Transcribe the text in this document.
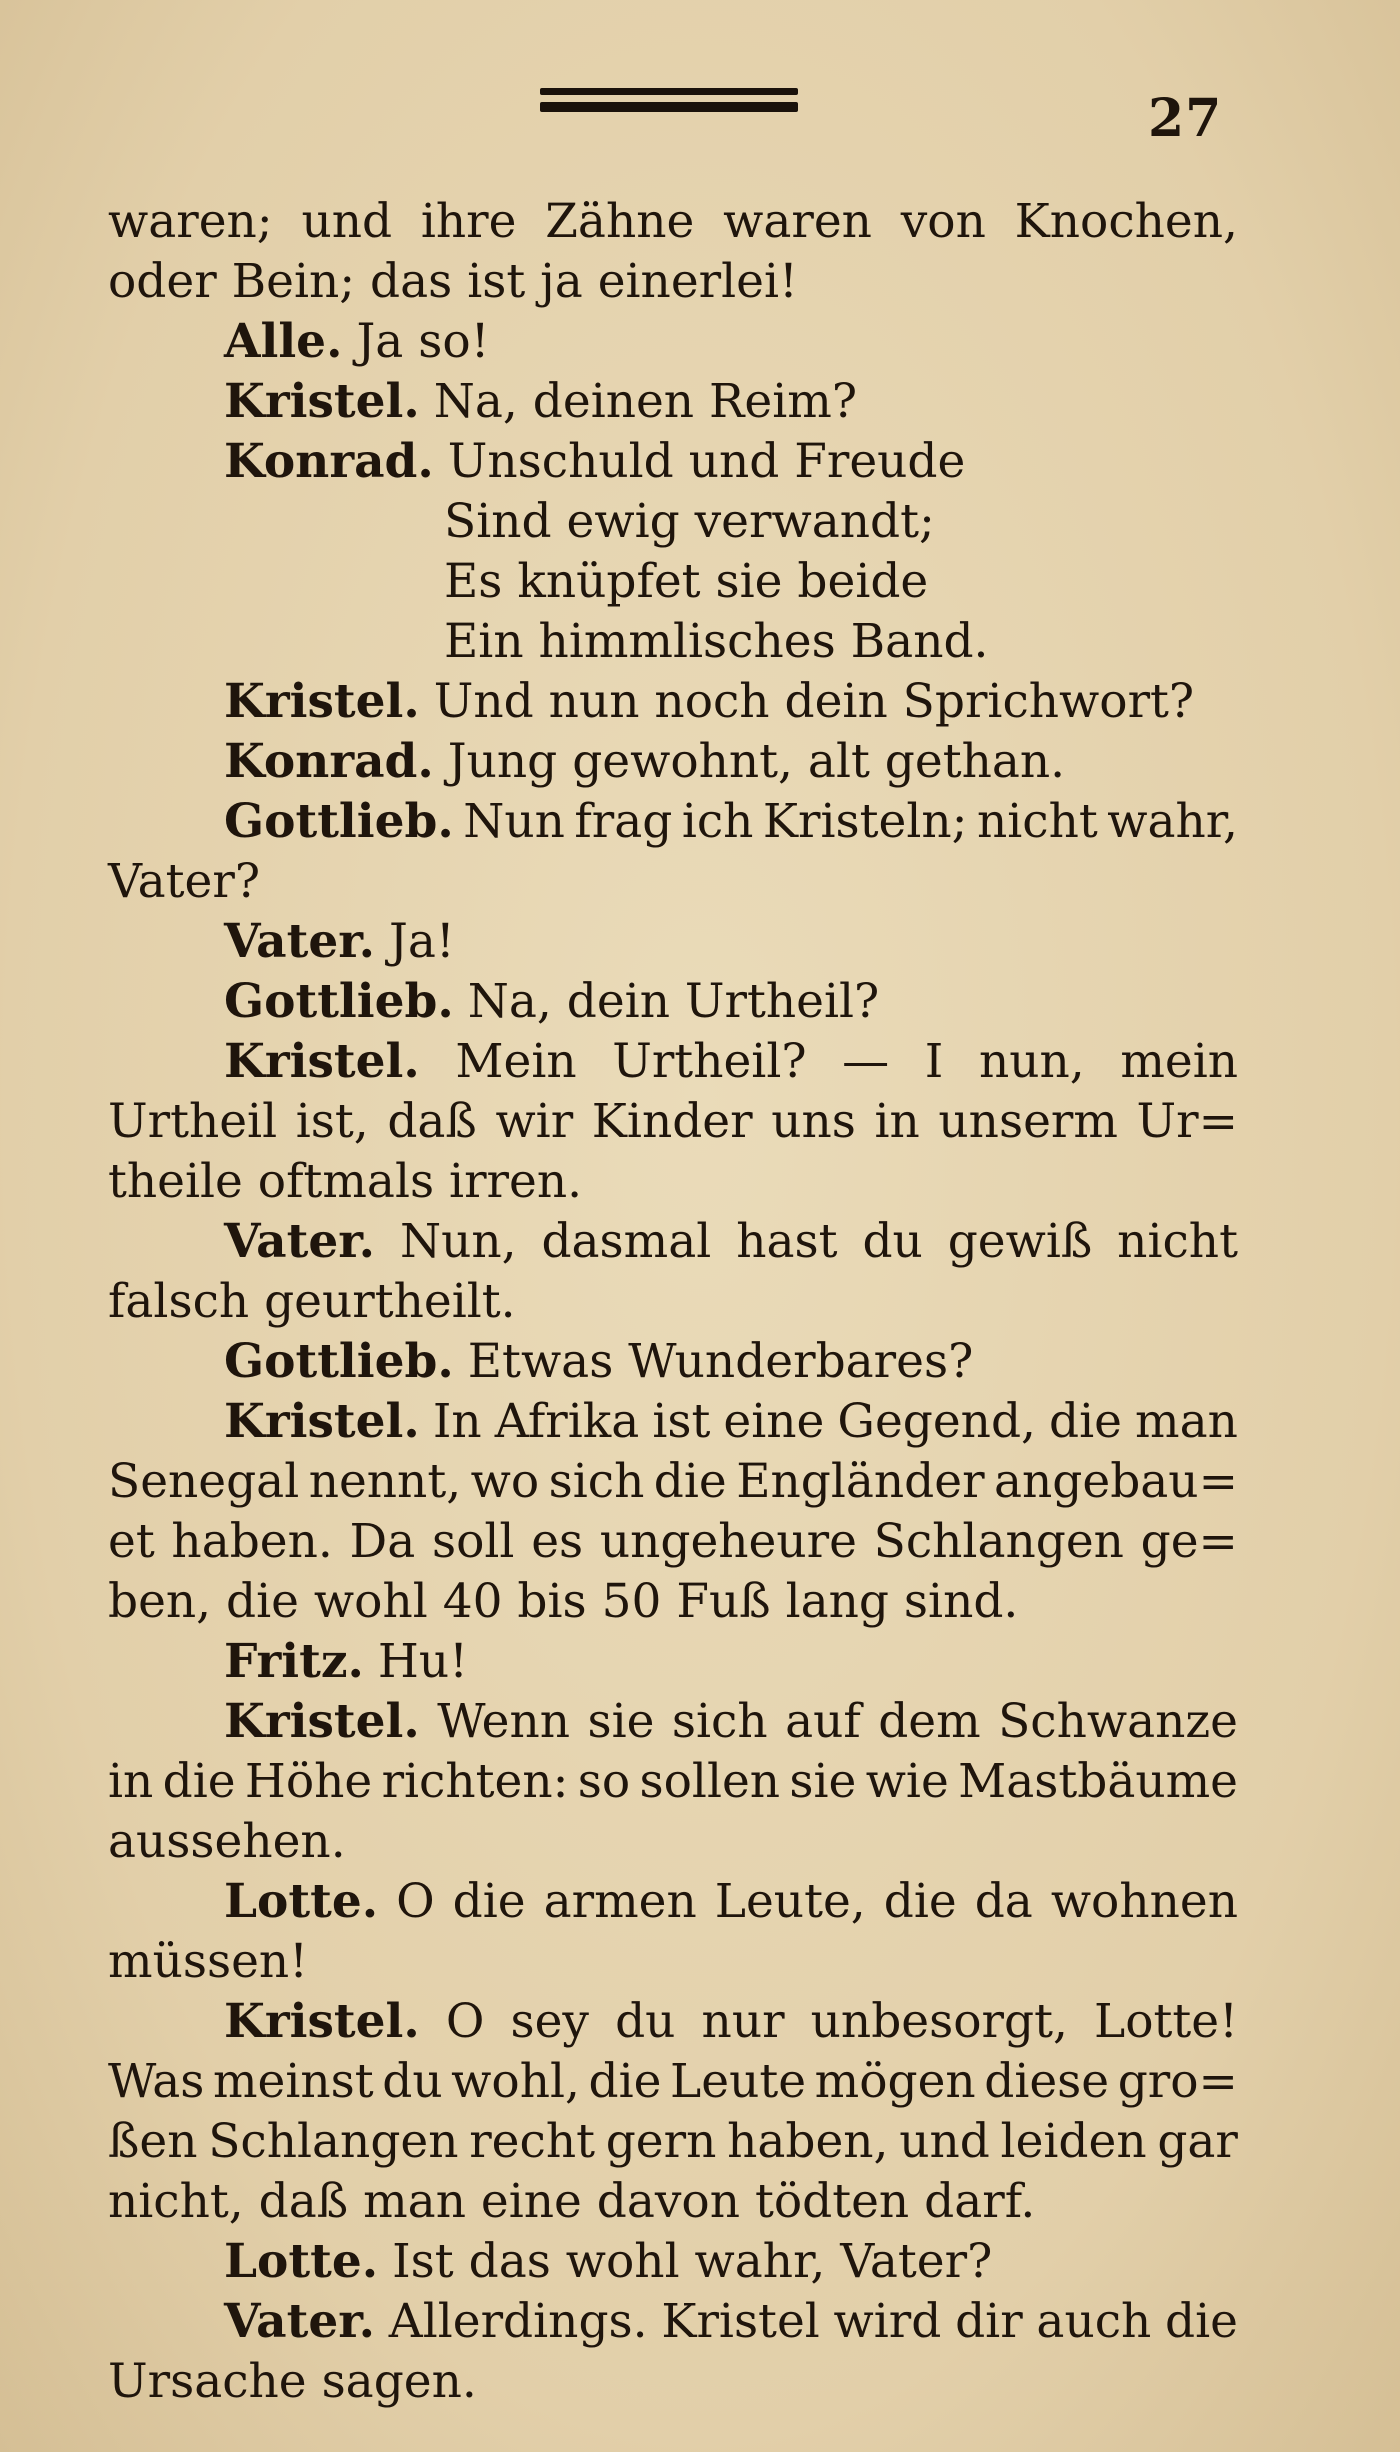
27
waren; und ihre Zähne waren von Knochen,
oder Bein; das ist ja einerlei!
Alle. Ja so!
Kristel. Na, deinen Reim?
Konrad. Unschuld und Freude
Sind ewig verwandt;
Es knüpfet sie beide
Ein himmlisches Band.
Kristel. Und nun noch dein Sprichwort?
Konrad. Jung gewohnt, alt gethan.
Gottlieb. Nun frag ich Kristeln; nicht wahr,
Vater?
Vater. Ja!
Gottlieb. Na, dein Urtheil?
Kristel. Mein Urtheil? — I nun, mein
Urtheil ist, daß wir Kinder uns in unserm Ur=
theile oftmals irren.
Vater. Nun, dasmal hast du gewiß nicht
falsch geurtheilt.
Gottlieb. Etwas Wunderbares?
Kristel. In Afrika ist eine Gegend, die man
Senegal nennt, wo sich die Engländer angebau=
et haben. Da soll es ungeheure Schlangen ge=
ben, die wohl 40 bis 50 Fuß lang sind.
Fritz. Hu!
Kristel. Wenn sie sich auf dem Schwanze
in die Höhe richten: so sollen sie wie Mastbäume
aussehen.
Lotte. O die armen Leute, die da wohnen
müssen!
Kristel. O sey du nur unbesorgt, Lotte!
Was meinst du wohl, die Leute mögen diese gro=
ßen Schlangen recht gern haben, und leiden gar
nicht, daß man eine davon tödten darf.
Lotte. Ist das wohl wahr, Vater?
Vater. Allerdings. Kristel wird dir auch die
Ursache sagen.
